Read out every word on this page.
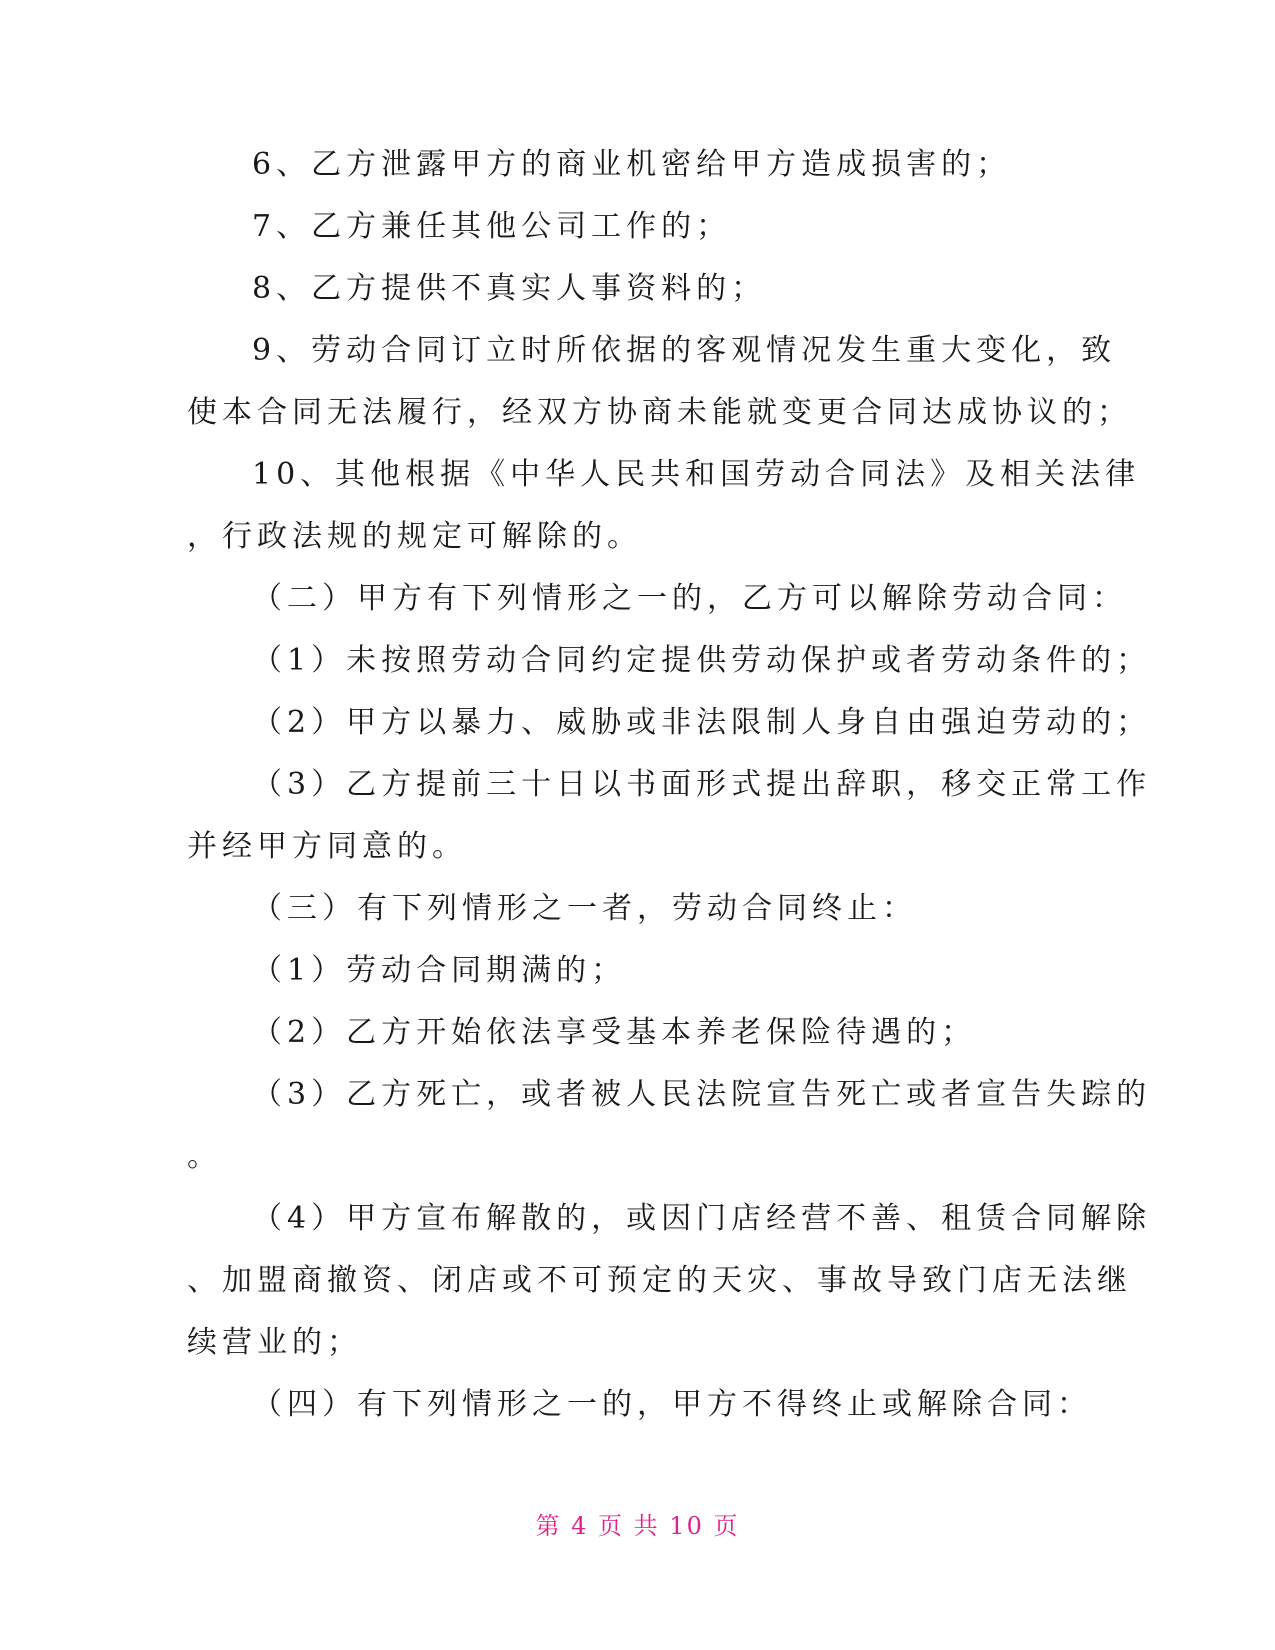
6、乙方泄露甲方的商业机密给甲方造成损害的；

7、乙方兼任其他公司工作的；

8、乙方提供不真实人事资料的；

9、劳动合同订立时所依据的客观情况发生重大变化，致

使本合同无法履行，经双方协商未能就变更合同达成协议的；

10、其他根据《中华人民共和国劳动合同法》及相关法律

，行政法规的规定可解除的。

（二）甲方有下列情形之一的，乙方可以解除劳动合同：

（1）未按照劳动合同约定提供劳动保护或者劳动条件的；

（2）甲方以暴力、威胁或非法限制人身自由强迫劳动的；

（3）乙方提前三十日以书面形式提出辞职，移交正常工作

并经甲方同意的。

（三）有下列情形之一者，劳动合同终止：

（1）劳动合同期满的；

（2）乙方开始依法享受基本养老保险待遇的；

（3）乙方死亡，或者被人民法院宣告死亡或者宣告失踪的

。

（4）甲方宣布解散的，或因门店经营不善、租赁合同解除

、加盟商撤资、闭店或不可预定的天灾、事故导致门店无法继

续营业的；

（四）有下列情形之一的，甲方不得终止或解除合同：

第 4 页 共 10 页
